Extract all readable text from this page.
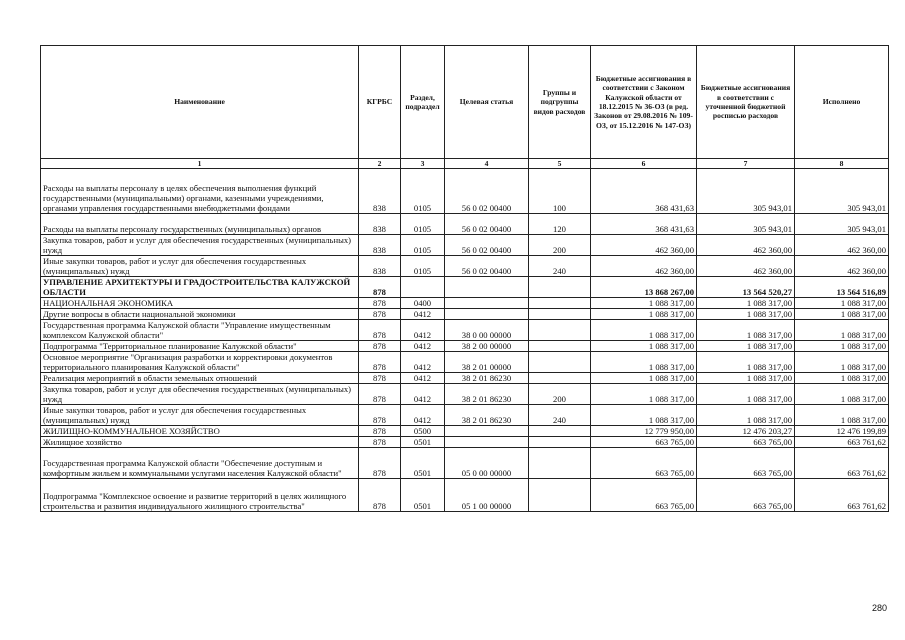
Наименование	КГРБС	Раздел, подраздел	Целевая статья	Группы и подгруппы видов расходов	Бюджетные ассигнования в соответствии с Законом Калужской области от 18.12.2015 № 36-ОЗ (в ред. Законов от 29.08.2016 № 109-ОЗ, от 15.12.2016 № 147-ОЗ)	Бюджетные ассигнования в соответствии с уточненной бюджетной росписью расходов	Исполнено
1	2	3	4	5	6	7	8
Расходы на выплаты персоналу в целях обеспечения выполнения функций государственными (муниципальными) органами, казенными учреждениями, органами управления государственными внебюджетными фондами	838	0105	56 0 02 00400	100	368 431,63	305 943,01	305 943,01
Расходы на выплаты персоналу государственных (муниципальных) органов	838	0105	56 0 02 00400	120	368 431,63	305 943,01	305 943,01
Закупка товаров, работ и услуг для обеспечения государственных (муниципальных) нужд	838	0105	56 0 02 00400	200	462 360,00	462 360,00	462 360,00
Иные закупки товаров, работ и услуг для обеспечения государственных (муниципальных) нужд	838	0105	56 0 02 00400	240	462 360,00	462 360,00	462 360,00
УПРАВЛЕНИЕ АРХИТЕКТУРЫ И ГРАДОСТРОИТЕЛЬСТВА КАЛУЖСКОЙ ОБЛАСТИ	878				13 868 267,00	13 564 520,27	13 564 516,89
НАЦИОНАЛЬНАЯ ЭКОНОМИКА	878	0400			1 088 317,00	1 088 317,00	1 088 317,00
Другие вопросы в области национальной экономики	878	0412			1 088 317,00	1 088 317,00	1 088 317,00
Государственная программа Калужской области "Управление имущественным комплексом Калужской области"	878	0412	38 0 00 00000		1 088 317,00	1 088 317,00	1 088 317,00
Подпрограмма "Территориальное планирование Калужской области"	878	0412	38 2 00 00000		1 088 317,00	1 088 317,00	1 088 317,00
Основное мероприятие "Организация разработки и корректировки документов территориального планирования Калужской области"	878	0412	38 2 01 00000		1 088 317,00	1 088 317,00	1 088 317,00
Реализация мероприятий в области земельных отношений	878	0412	38 2 01 86230		1 088 317,00	1 088 317,00	1 088 317,00
Закупка товаров, работ и услуг для обеспечения государственных (муниципальных) нужд	878	0412	38 2 01 86230	200	1 088 317,00	1 088 317,00	1 088 317,00
Иные закупки товаров, работ и услуг для обеспечения государственных (муниципальных) нужд	878	0412	38 2 01 86230	240	1 088 317,00	1 088 317,00	1 088 317,00
ЖИЛИЩНО-КОММУНАЛЬНОЕ ХОЗЯЙСТВО	878	0500			12 779 950,00	12 476 203,27	12 476 199,89
Жилищное хозяйство	878	0501			663 765,00	663 765,00	663 761,62
Государственная программа Калужской области "Обеспечение доступным и комфортным жильем и коммунальными услугами населения Калужской области"	878	0501	05 0 00 00000		663 765,00	663 765,00	663 761,62
Подпрограмма "Комплексное освоение и развитие территорий в целях жилищного строительства и развития индивидуального жилищного строительства"	878	0501	05 1 00 00000		663 765,00	663 765,00	663 761,62
280
